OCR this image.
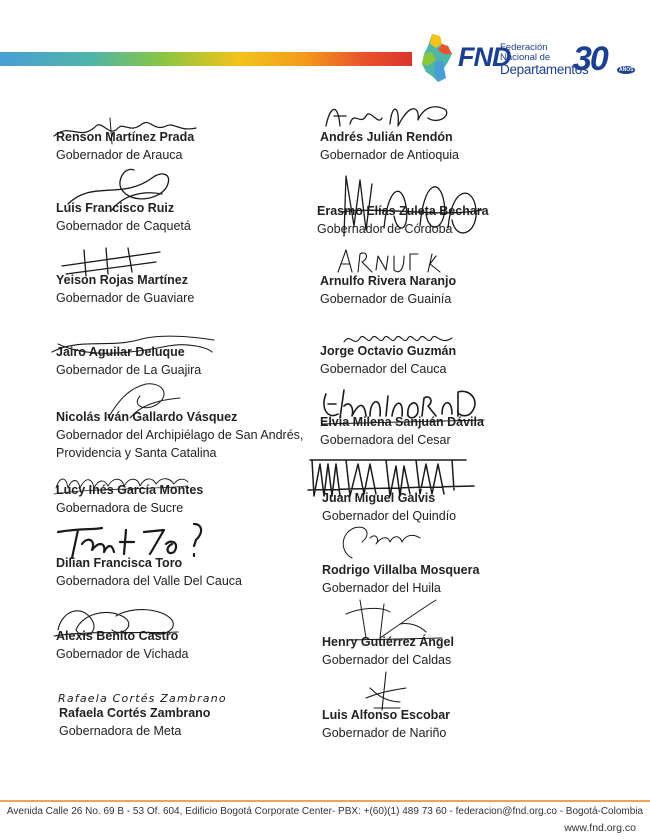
FND
Federación Nacional de
Departamentos
30	AÑOS
Renson Martínez Prada
Gobernador de Arauca
Luis Francisco Ruiz
Gobernador de Caquetá
Yeison Rojas Martínez
Gobernador de Guaviare
Jairo Aguilar Deluque
Gobernador de La Guajira
Nicolás Iván Gallardo Vásquez
Gobernador del Archipiélago de San Andrés,
Providencia y Santa Catalina
Lucy Inés García Montes
Gobernadora de Sucre
Dilian Francisca Toro
Gobernadora del Valle Del Cauca
Alexis Benito Castro
Gobernador de Vichada
Rafaela Cortés Zambrano
Gobernadora de Meta
Andrés Julián Rendón
Gobernador de Antioquia
Erasmo Elías Zuleta Bechara
Gobernador de Córdoba
Arnulfo Rivera Naranjo
Gobernador de Guainía
Jorge Octavio Guzmán
Gobernador del Cauca
Elvia Milena Sanjuán Dávila
Gobernadora del Cesar
Juan Miguel Galvis
Gobernador del Quindío
Rodrigo Villalba Mosquera
Gobernador del Huila
Henry Gutiérrez Ángel
Gobernador del Caldas
Luis Alfonso Escobar
Gobernador de Nariño
Rafaela Cortés Zambrano
Avenida Calle 26 No. 69 B - 53 Of. 604, Edificio Bogotá Corporate Center- PBX: +(60)(1) 489 73 60 - federacion@fnd.org.co - Bogotá-Colombia
www.fnd.org.co
